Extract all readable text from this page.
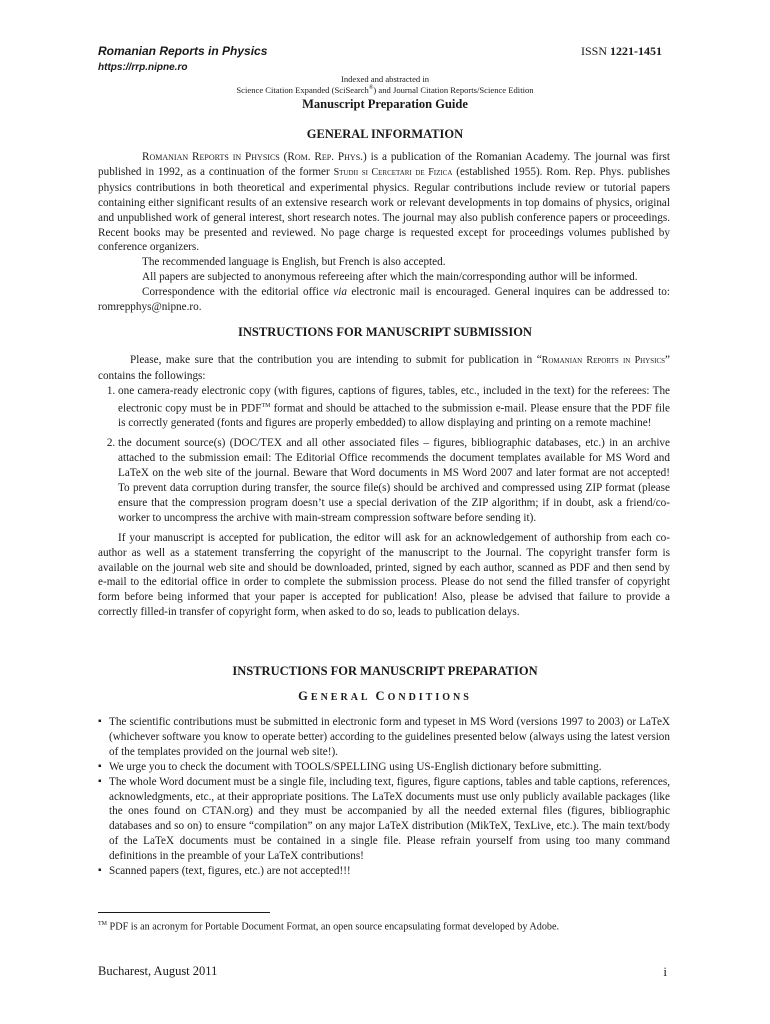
Romanian Reports in Physics	ISSN 1221-1451
https://rrp.nipne.ro
Indexed and abstracted in
Science Citation Expanded (SciSearch®) and Journal Citation Reports/Science Edition
Manuscript Preparation Guide
GENERAL INFORMATION

Romanian Reports in Physics (Rom. Rep. Phys.) is a publication of the Romanian Academy. The journal was first published in 1992, as a continuation of the former Studii si Cercetari de Fizica (established 1955). Rom. Rep. Phys. publishes physics contributions in both theoretical and experimental physics. Regular contributions include review or tutorial papers containing either significant results of an extensive research work or relevant developments in top domains of physics, original and unpublished work of general interest, short research notes. The journal may also publish conference papers or proceedings. Recent books may be presented and reviewed. No page charge is requested except for proceedings volumes published by conference organizers.

The recommended language is English, but French is also accepted.

All papers are subjected to anonymous refereeing after which the main/corresponding author will be informed.

Correspondence with the editorial office via electronic mail is encouraged. General inquires can be addressed to: romrepphys@nipne.ro.

INSTRUCTIONS FOR MANUSCRIPT SUBMISSION

Please, make sure that the contribution you are intending to submit for publication in “Romanian Reports in Physics” contains the followings:

1. one camera-ready electronic copy (with figures, captions of figures, tables, etc., included in the text) for the referees: The electronic copy must be in PDF™ format and should be attached to the submission e-mail. Please ensure that the PDF file is correctly generated (fonts and figures are properly embedded) to allow displaying and printing on a remote machine!
2. the document source(s) (DOC/TEX and all other associated files – figures, bibliographic databases, etc.) in an archive attached to the submission email: The Editorial Office recommends the document templates available for MS Word and LaTeX on the web site of the journal. Beware that Word documents in MS Word 2007 and later format are not accepted! To prevent data corruption during transfer, the source file(s) should be archived and compressed using ZIP format (please ensure that the compression program doesn’t use a special derivation of the ZIP algorithm; if in doubt, ask a friend/co-worker to uncompress the archive with main-stream compression software before sending it).

If your manuscript is accepted for publication, the editor will ask for an acknowledgement of authorship from each co-author as well as a statement transferring the copyright of the manuscript to the Journal. The copyright transfer form is available on the journal web site and should be downloaded, printed, signed by each author, scanned as PDF and then send by e-mail to the editorial office in order to complete the submission process. Please do not send the filled transfer of copyright form before being informed that your paper is accepted for publication! Also, please be advised that failure to provide a correctly filled-in transfer of copyright form, when asked to do so, leads to publication delays.

INSTRUCTIONS FOR MANUSCRIPT PREPARATION
GENERAL CONDITIONS
▪ The scientific contributions must be submitted in electronic form and typeset in MS Word (versions 1997 to 2003) or LaTeX (whichever software you know to operate better) according to the guidelines presented below (always using the latest version of the templates provided on the journal web site!).
▪ We urge you to check the document with TOOLS/SPELLING using US-English dictionary before submitting.
▪ The whole Word document must be a single file, including text, figures, figure captions, tables and table captions, references, acknowledgments, etc., at their appropriate positions. The LaTeX documents must use only publicly available packages (like the ones found on CTAN.org) and they must be accompanied by all the needed external files (figures, bibliographic databases and so on) to ensure “compilation” on any major LaTeX distribution (MikTeX, TexLive, etc.). The main text/body of the LaTeX documents must be contained in a single file. Please refrain yourself from using too many command definitions in the preamble of your LaTeX contributions!
▪ Scanned papers (text, figures, etc.) are not accepted!!!
™ PDF is an acronym for Portable Document Format, an open source encapsulating format developed by Adobe.
Bucharest, August 2011	i
